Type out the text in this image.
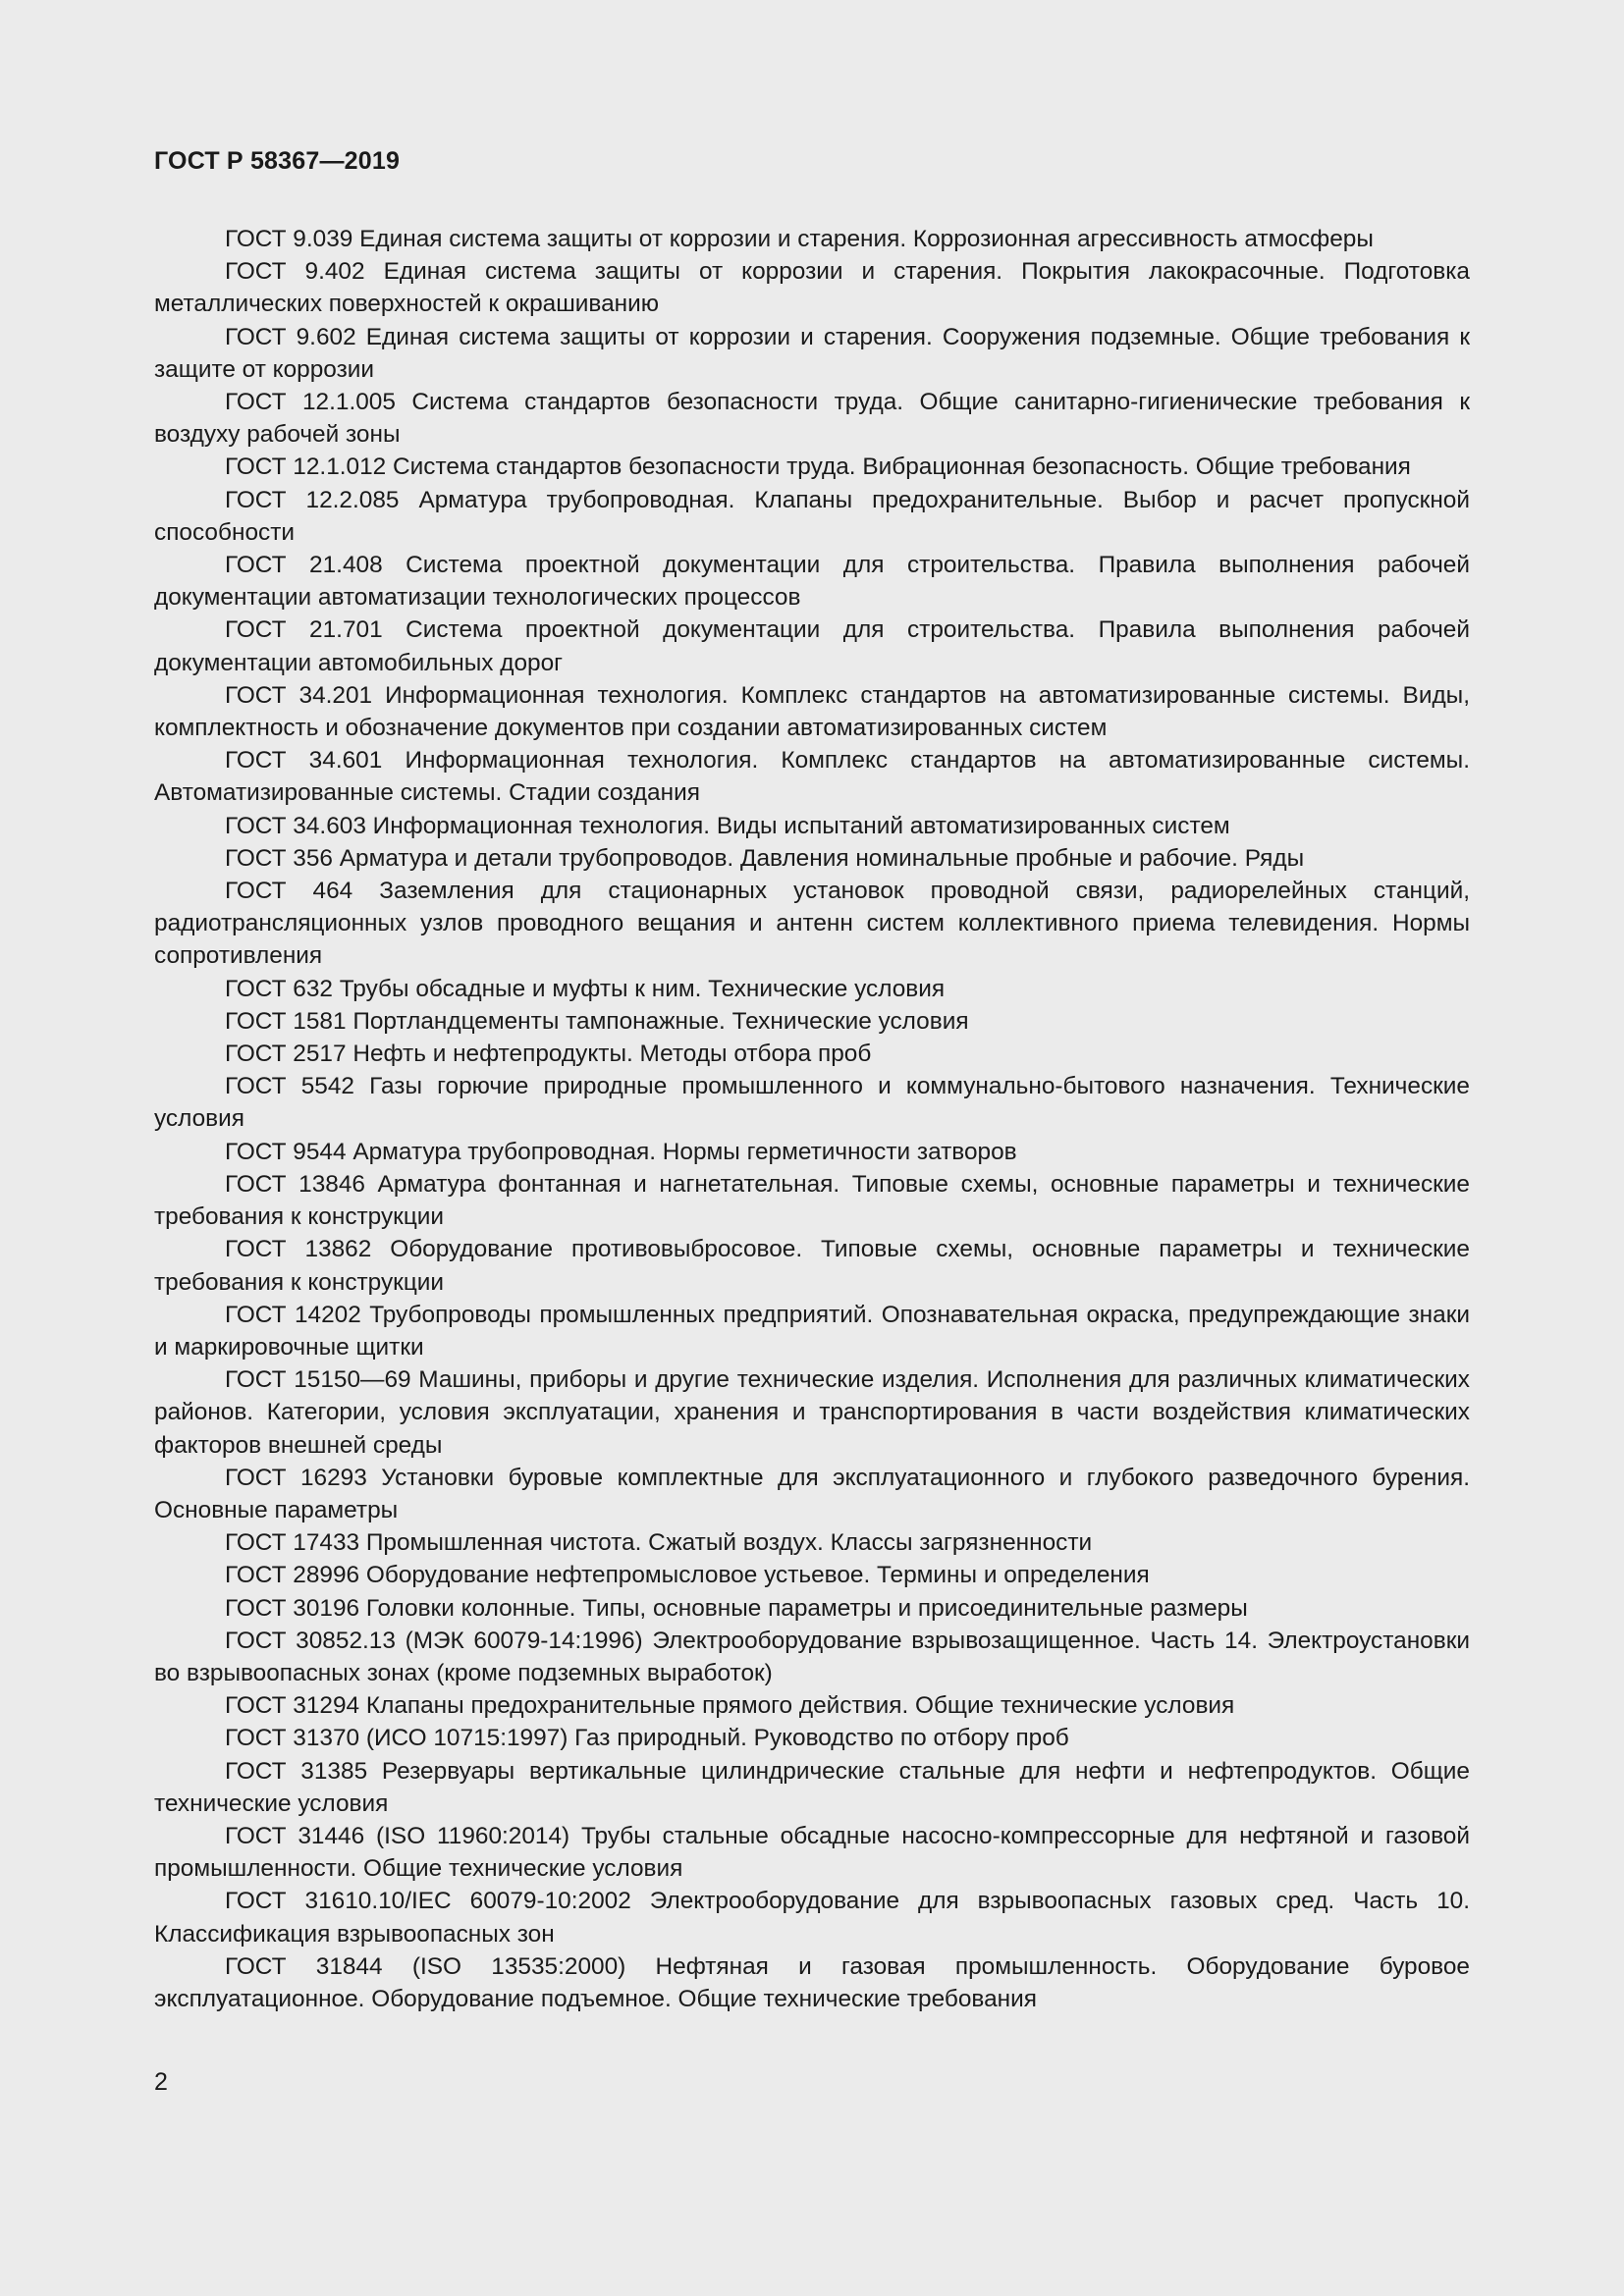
ГОСТ Р 58367—2019

ГОСТ 9.039 Единая система защиты от коррозии и старения. Коррозионная агрессивность атмосферы

ГОСТ 9.402 Единая система защиты от коррозии и старения. Покрытия лакокрасочные. Подготовка металлических поверхностей к окрашиванию

ГОСТ 9.602 Единая система защиты от коррозии и старения. Сооружения подземные. Общие требования к защите от коррозии

ГОСТ 12.1.005 Система стандартов безопасности труда. Общие санитарно-гигиенические требования к воздуху рабочей зоны

ГОСТ 12.1.012 Система стандартов безопасности труда. Вибрационная безопасность. Общие требования

ГОСТ 12.2.085 Арматура трубопроводная. Клапаны предохранительные. Выбор и расчет пропускной способности

ГОСТ 21.408 Система проектной документации для строительства. Правила выполнения рабочей документации автоматизации технологических процессов

ГОСТ 21.701 Система проектной документации для строительства. Правила выполнения рабочей документации автомобильных дорог

ГОСТ 34.201 Информационная технология. Комплекс стандартов на автоматизированные системы. Виды, комплектность и обозначение документов при создании автоматизированных систем

ГОСТ 34.601 Информационная технология. Комплекс стандартов на автоматизированные системы. Автоматизированные системы. Стадии создания

ГОСТ 34.603 Информационная технология. Виды испытаний автоматизированных систем

ГОСТ 356 Арматура и детали трубопроводов. Давления номинальные пробные и рабочие. Ряды

ГОСТ 464 Заземления для стационарных установок проводной связи, радиорелейных станций, радиотрансляционных узлов проводного вещания и антенн систем коллективного приема телевидения. Нормы сопротивления

ГОСТ 632 Трубы обсадные и муфты к ним. Технические условия

ГОСТ 1581 Портландцементы тампонажные. Технические условия

ГОСТ 2517 Нефть и нефтепродукты. Методы отбора проб

ГОСТ 5542 Газы горючие природные промышленного и коммунально-бытового назначения. Технические условия

ГОСТ 9544 Арматура трубопроводная. Нормы герметичности затворов

ГОСТ 13846 Арматура фонтанная и нагнетательная. Типовые схемы, основные параметры и технические требования к конструкции

ГОСТ 13862 Оборудование противовыбросовое. Типовые схемы, основные параметры и технические требования к конструкции

ГОСТ 14202 Трубопроводы промышленных предприятий. Опознавательная окраска, предупреждающие знаки и маркировочные щитки

ГОСТ 15150—69 Машины, приборы и другие технические изделия. Исполнения для различных климатических районов. Категории, условия эксплуатации, хранения и транспортирования в части воздействия климатических факторов внешней среды

ГОСТ 16293 Установки буровые комплектные для эксплуатационного и глубокого разведочного бурения. Основные параметры

ГОСТ 17433 Промышленная чистота. Сжатый воздух. Классы загрязненности

ГОСТ 28996 Оборудование нефтепромысловое устьевое. Термины и определения

ГОСТ 30196 Головки колонные. Типы, основные параметры и присоединительные размеры

ГОСТ 30852.13 (МЭК 60079-14:1996) Электрооборудование взрывозащищенное. Часть 14. Электроустановки во взрывоопасных зонах (кроме подземных выработок)

ГОСТ 31294 Клапаны предохранительные прямого действия. Общие технические условия

ГОСТ 31370 (ИСО 10715:1997) Газ природный. Руководство по отбору проб

ГОСТ 31385 Резервуары вертикальные цилиндрические стальные для нефти и нефтепродуктов. Общие технические условия

ГОСТ 31446 (ISO 11960:2014) Трубы стальные обсадные насосно-компрессорные для нефтяной и газовой промышленности. Общие технические условия

ГОСТ 31610.10/IEC 60079-10:2002 Электрооборудование для взрывоопасных газовых сред. Часть 10. Классификация взрывоопасных зон

ГОСТ 31844 (ISO 13535:2000) Нефтяная и газовая промышленность. Оборудование буровое эксплуатационное. Оборудование подъемное. Общие технические требования

2
